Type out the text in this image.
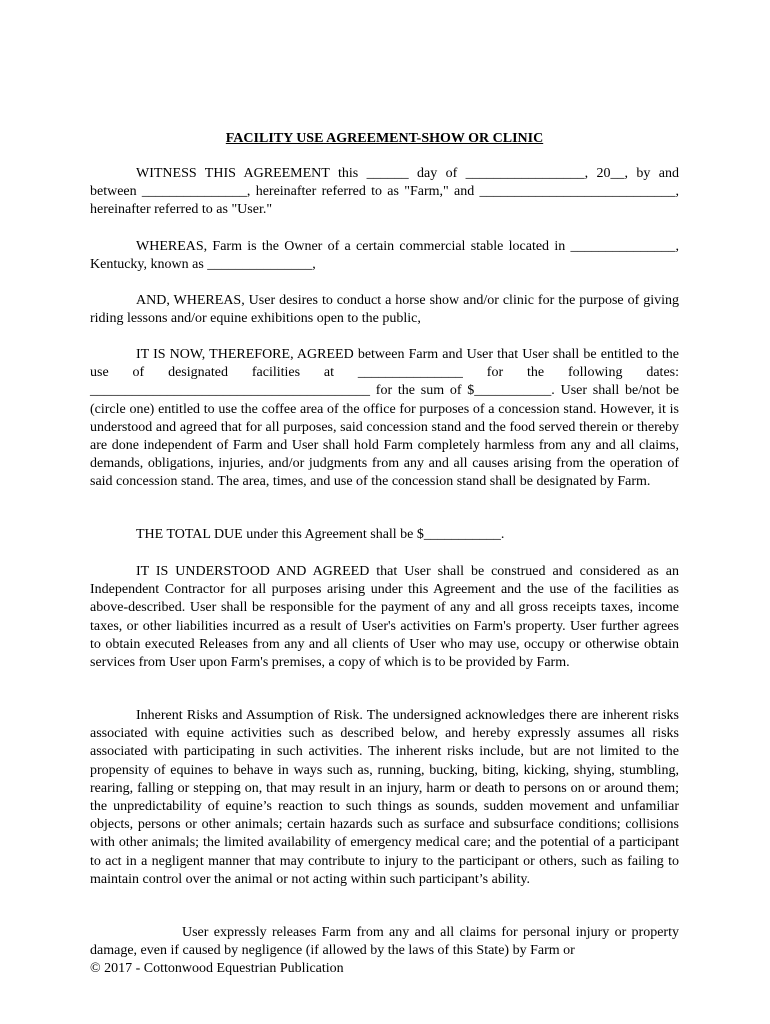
FACILITY USE AGREEMENT-SHOW OR CLINIC

WITNESS THIS AGREEMENT this ______ day of _________________, 20__, by and between _______________, hereinafter referred to as "Farm," and ____________________________, hereinafter referred to as "User."

WHEREAS, Farm is the Owner of a certain commercial stable located in _______________, Kentucky, known as _______________,

AND, WHEREAS, User desires to conduct a horse show and/or clinic for the purpose of giving riding lessons and/or equine exhibitions open to the public,

IT IS NOW, THEREFORE, AGREED between Farm and User that User shall be entitled to the use of designated facilities at _______________ for the following dates: ________________________________________ for the sum of $___________. User shall be/not be (circle one) entitled to use the coffee area of the office for purposes of a concession stand. However, it is understood and agreed that for all purposes, said concession stand and the food served therein or thereby are done independent of Farm and User shall hold Farm completely harmless from any and all claims, demands, obligations, injuries, and/or judgments from any and all causes arising from the operation of said concession stand. The area, times, and use of the concession stand shall be designated by Farm.

THE TOTAL DUE under this Agreement shall be $___________.

IT IS UNDERSTOOD AND AGREED that User shall be construed and considered as an Independent Contractor for all purposes arising under this Agreement and the use of the facilities as above-described. User shall be responsible for the payment of any and all gross receipts taxes, income taxes, or other liabilities incurred as a result of User's activities on Farm's property. User further agrees to obtain executed Releases from any and all clients of User who may use, occupy or otherwise obtain services from User upon Farm's premises, a copy of which is to be provided by Farm.

Inherent Risks and Assumption of Risk. The undersigned acknowledges there are inherent risks associated with equine activities such as described below, and hereby expressly assumes all risks associated with participating in such activities. The inherent risks include, but are not limited to the propensity of equines to behave in ways such as, running, bucking, biting, kicking, shying, stumbling, rearing, falling or stepping on, that may result in an injury, harm or death to persons on or around them; the unpredictability of equine’s reaction to such things as sounds, sudden movement and unfamiliar objects, persons or other animals; certain hazards such as surface and subsurface conditions; collisions with other animals; the limited availability of emergency medical care; and the potential of a participant to act in a negligent manner that may contribute to injury to the participant or others, such as failing to maintain control over the animal or not acting within such participant’s ability.

User expressly releases Farm from any and all claims for personal injury or property damage, even if caused by negligence (if allowed by the laws of this State) by Farm or

© 2017 - Cottonwood Equestrian Publication
